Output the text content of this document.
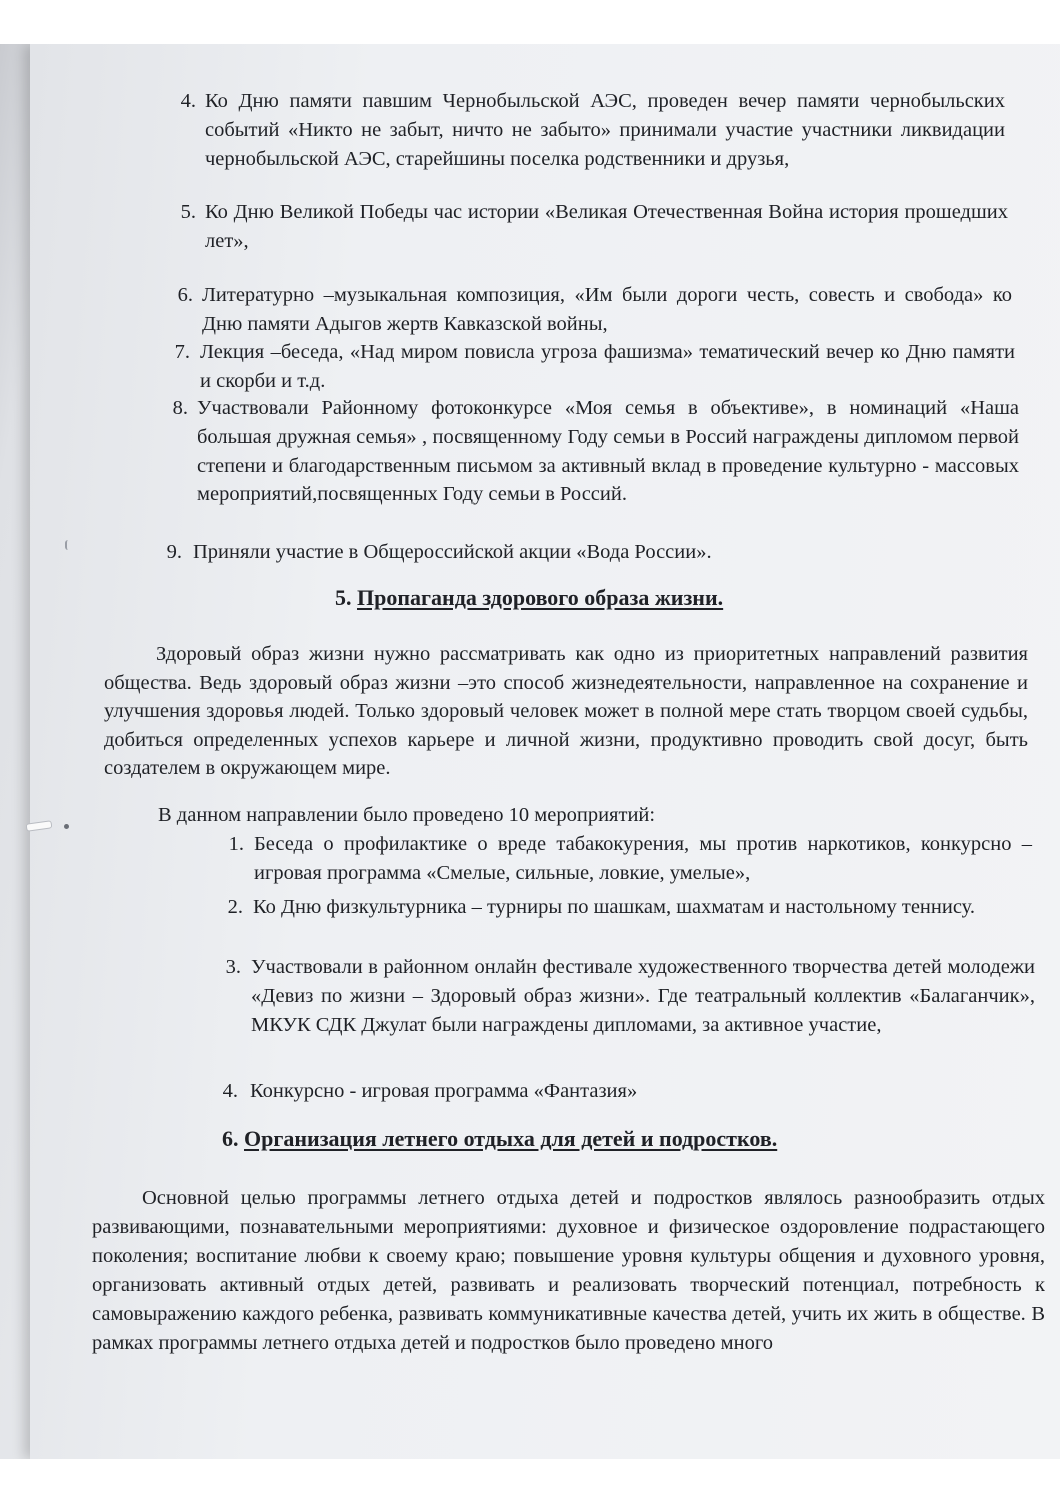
4. Ко Дню памяти павшим Чернобыльской АЭС, проведен вечер памяти чернобыльских событий «Никто не забыт, ничто не забыто» принимали участие участники ликвидации чернобыльской АЭС, старейшины поселка родственники и друзья,
5. Ко Дню Великой Победы час истории «Великая Отечественная Война история прошедших лет»,
6. Литературно –музыкальная композиция, «Им были дороги честь, совесть и свобода» ко Дню памяти Адыгов жертв Кавказской войны,
7. Лекция –беседа, «Над миром повисла угроза фашизма» тематический вечер ко Дню памяти и скорби и т.д.
8. Участвовали Районному фотоконкурсе «Моя семья в объективе», в номинаций «Наша большая дружная семья» , посвященному Году семьи в Россий награждены дипломом первой степени и благодарственным письмом за активный вклад в проведение культурно - массовых мероприятий,посвященных Году семьи в Россий.
9. Приняли участие в Общероссийской акции «Вода России».
5. Пропаганда здорового образа жизни.
Здоровый образ жизни нужно рассматривать как одно из приоритетных направлений развития общества. Ведь здоровый образ жизни –это способ жизнедеятельности, направленное на сохранение и улучшения здоровья людей. Только здоровый человек может в полной мере стать творцом своей судьбы, добиться определенных успехов карьере и личной жизни, продуктивно проводить свой досуг, быть создателем в окружающем мире.
В данном направлении было проведено 10 мероприятий:
1. Беседа о профилактике о вреде табакокурения, мы против наркотиков, конкурсно – игровая программа «Смелые, сильные, ловкие, умелые»,
2. Ко Дню физкультурника – турниры по шашкам, шахматам и настольному теннису.
3. Участвовали в районном онлайн фестивале художественного творчества детей молодежи «Девиз по жизни – Здоровый образ жизни». Где театральный коллектив «Балаганчик», МКУК СДК Джулат были награждены дипломами, за активное участие,
4. Конкурсно - игровая программа «Фантазия»
6. Организация летнего отдыха для детей и подростков.
Основной целью программы летнего отдыха детей и подростков являлось разнообразить отдых развивающими, познавательными мероприятиями: духовное и физическое оздоровление подрастающего поколения; воспитание любви к своему краю; повышение уровня культуры общения и духовного уровня, организовать активный отдых детей, развивать и реализовать творческий потенциал, потребность к самовыражению каждого ребенка, развивать коммуникативные качества детей, учить их жить в обществе. В рамках программы летнего отдыха детей и подростков было проведено много
